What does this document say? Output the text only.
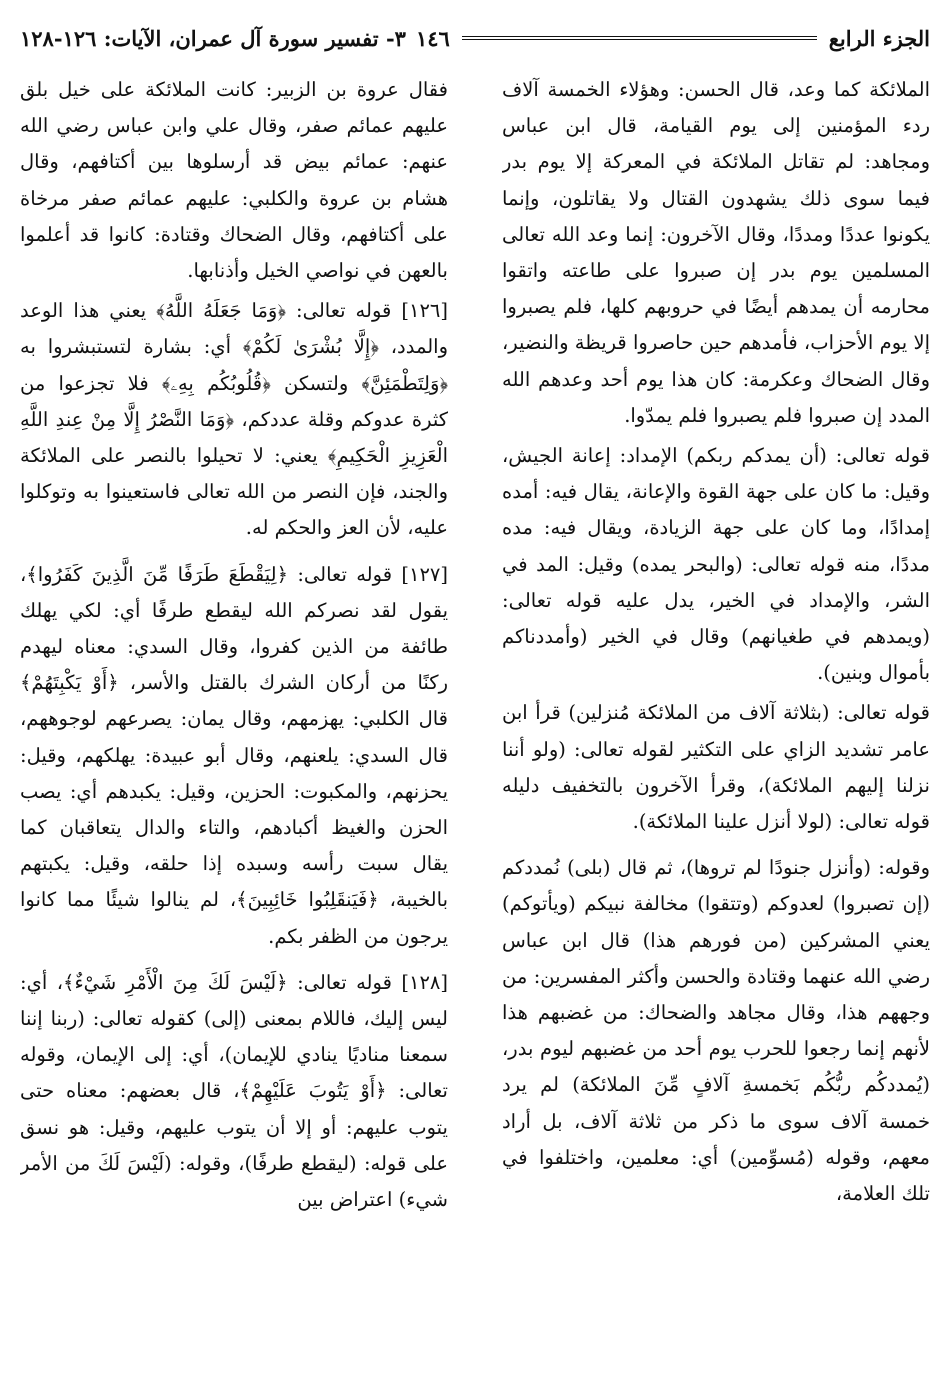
الجزء الرابع
١٤٦
٣- تفسير سورة آل عمران، الآيات: ١٢٦-١٢٨

الملائكة كما وعد، قال الحسن: وهؤلاء الخمسة آلاف ردء المؤمنين إلى يوم القيامة، قال ابن عباس ومجاهد: لم تقاتل الملائكة في المعركة إلا يوم بدر فيما سوى ذلك يشهدون القتال ولا يقاتلون، وإنما يكونوا عددًا ومددًا، وقال الآخرون: إنما وعد الله تعالى المسلمين يوم بدر إن صبروا على طاعته واتقوا محارمه أن يمدهم أيضًا في حروبهم كلها، فلم يصبروا إلا يوم الأحزاب، فأمدهم حين حاصروا قريظة والنضير، وقال الضحاك وعكرمة: كان هذا يوم أحد وعدهم الله المدد إن صبروا فلم يصبروا فلم يمدّوا.

قوله تعالى: (أن يمدكم ربكم) الإمداد: إعانة الجيش، وقيل: ما كان على جهة القوة والإعانة، يقال فيه: أمده إمدادًا، وما كان على جهة الزيادة، ويقال فيه: مده مددًا، منه قوله تعالى: (والبحر يمده) وقيل: المد في الشر، والإمداد في الخير، يدل عليه قوله تعالى: (ويمدهم في طغيانهم) وقال في الخير (وأمددناكم بأموال وبنين).

قوله تعالى: (بثلاثة آلاف من الملائكة مُنزلين) قرأ ابن عامر تشديد الزاي على التكثير لقوله تعالى: (ولو أننا نزلنا إليهم الملائكة)، وقرأ الآخرون بالتخفيف دليله قوله تعالى: (لولا أنزل علينا الملائكة).

وقوله: (وأنزل جنودًا لم تروها)، ثم قال (بلى) نُمددكم (إن تصبروا) لعدوكم (وتتقوا) مخالفة نبيكم (ويأتوكم) يعني المشركين (من فورهم هذا) قال ابن عباس رضي الله عنهما وقتادة والحسن وأكثر المفسرين: من وجههم هذا، وقال مجاهد والضحاك: من غضبهم هذا لأنهم إنما رجعوا للحرب يوم أحد من غضبهم ليوم بدر، (يُمددكُم ربُّكُم بَخمسةِ آلافٍ مِّنَ الملائكة) لم يرد خمسة آلاف سوى ما ذكر من ثلاثة آلاف، بل أراد معهم، وقوله (مُسوِّمين) أي: معلمين، واختلفوا في تلك العلامة،

فقال عروة بن الزبير: كانت الملائكة على خيل بلق عليهم عمائم صفر، وقال علي وابن عباس رضي الله عنهم: عمائم بيض قد أرسلوها بين أكتافهم، وقال هشام بن عروة والكلبي: عليهم عمائم صفر مرخاة على أكتافهم، وقال الضحاك وقتادة: كانوا قد أعلموا بالعهن في نواصي الخيل وأذنابها.

[١٢٦] قوله تعالى: ﴿وَمَا جَعَلَهُ اللَّهُ﴾ يعني هذا الوعد والمدد، ﴿إِلَّا بُشْرَىٰ لَكُمْ﴾ أي: بشارة لتستبشروا به ﴿وَلِتَطْمَئِنَّ﴾ ولتسكن ﴿قُلُوبُكُم بِهِۦ﴾ فلا تجزعوا من كثرة عدوكم وقلة عددكم، ﴿وَمَا النَّصْرُ إِلَّا مِنْ عِندِ اللَّهِ الْعَزِيزِ الْحَكِيمِ﴾ يعني: لا تحيلوا بالنصر على الملائكة والجند، فإن النصر من الله تعالى فاستعينوا به وتوكلوا عليه، لأن العز والحكم له.

[١٢٧] قوله تعالى: ﴿لِيَقْطَعَ طَرَفًا مِّنَ الَّذِينَ كَفَرُوا﴾، يقول لقد نصركم الله ليقطع طرفًا أي: لكي يهلك طائفة من الذين كفروا، وقال السدي: معناه ليهدم ركنًا من أركان الشرك بالقتل والأسر، ﴿أَوْ يَكْبِتَهُمْ﴾ قال الكلبي: يهزمهم، وقال يمان: يصرعهم لوجوههم، قال السدي: يلعنهم، وقال أبو عبيدة: يهلكهم، وقيل: يحزنهم، والمكبوت: الحزين، وقيل: يكبدهم أي: يصب الحزن والغيظ أكبادهم، والتاء والدال يتعاقبان كما يقال سبت رأسه وسبده إذا حلقه، وقيل: يكبتهم بالخيبة، ﴿فَيَنقَلِبُوا خَائِبِينَ﴾، لم ينالوا شيئًا مما كانوا يرجون من الظفر بكم.

[١٢٨] قوله تعالى: ﴿لَيْسَ لَكَ مِنَ الْأَمْرِ شَيْءٌ﴾، أي: ليس إليك، فاللام بمعنى (إلى) كقوله تعالى: (ربنا إننا سمعنا مناديًا ينادي للإيمان)، أي: إلى الإيمان، وقوله تعالى: ﴿أَوْ يَتُوبَ عَلَيْهِمْ﴾، قال بعضهم: معناه حتى يتوب عليهم: أو إلا أن يتوب عليهم، وقيل: هو نسق على قوله: (ليقطع طرفًا)، وقوله: (لَيْسَ لَكَ من الأمر شيء) اعتراض بين
